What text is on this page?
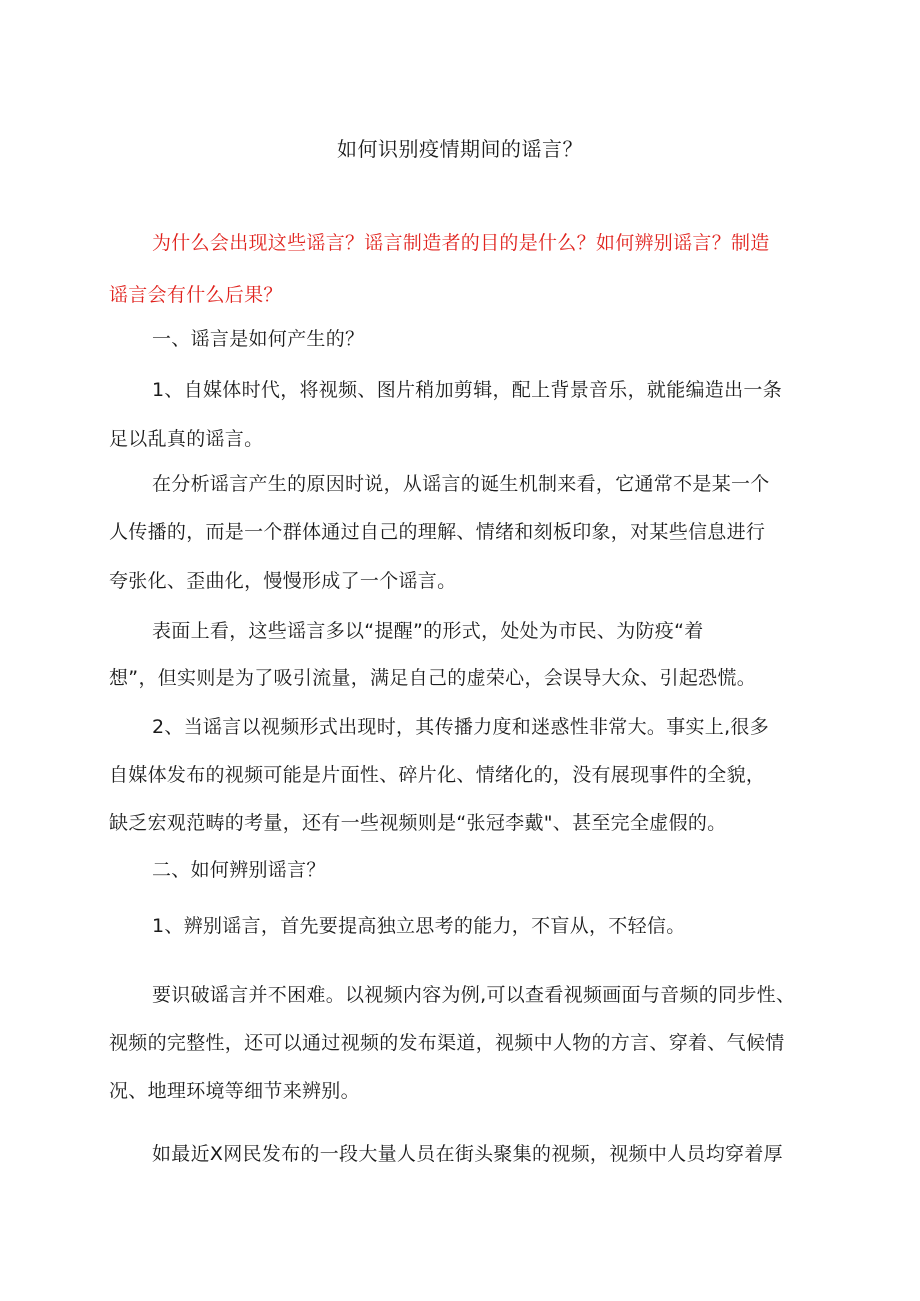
如何识别疫情期间的谣言？
为什么会出现这些谣言？谣言制造者的目的是什么？如何辨别谣言？制造
谣言会有什么后果？
一、谣言是如何产生的？
1、自媒体时代，将视频、图片稍加剪辑，配上背景音乐，就能编造出一条
足以乱真的谣言。
在分析谣言产生的原因时说，从谣言的诞生机制来看，它通常不是某一个
人传播的，而是一个群体通过自己的理解、情绪和刻板印象，对某些信息进行
夸张化、歪曲化，慢慢形成了一个谣言。
表面上看，这些谣言多以“提醒”的形式，处处为市民、为防疫“着
想”，但实则是为了吸引流量，满足自己的虚荣心，会误导大众、引起恐慌。
2、当谣言以视频形式出现时，其传播力度和迷惑性非常大。事实上,很多
自媒体发布的视频可能是片面性、碎片化、情绪化的，没有展现事件的全貌，
缺乏宏观范畴的考量，还有一些视频则是“张冠李戴"、甚至完全虚假的。
二、如何辨别谣言？
1、辨别谣言，首先要提高独立思考的能力，不盲从，不轻信。
要识破谣言并不困难。以视频内容为例,可以查看视频画面与音频的同步性、
视频的完整性，还可以通过视频的发布渠道，视频中人物的方言、穿着、气候情
况、地理环境等细节来辨别。
如最近X网民发布的一段大量人员在街头聚集的视频，视频中人员均穿着厚
